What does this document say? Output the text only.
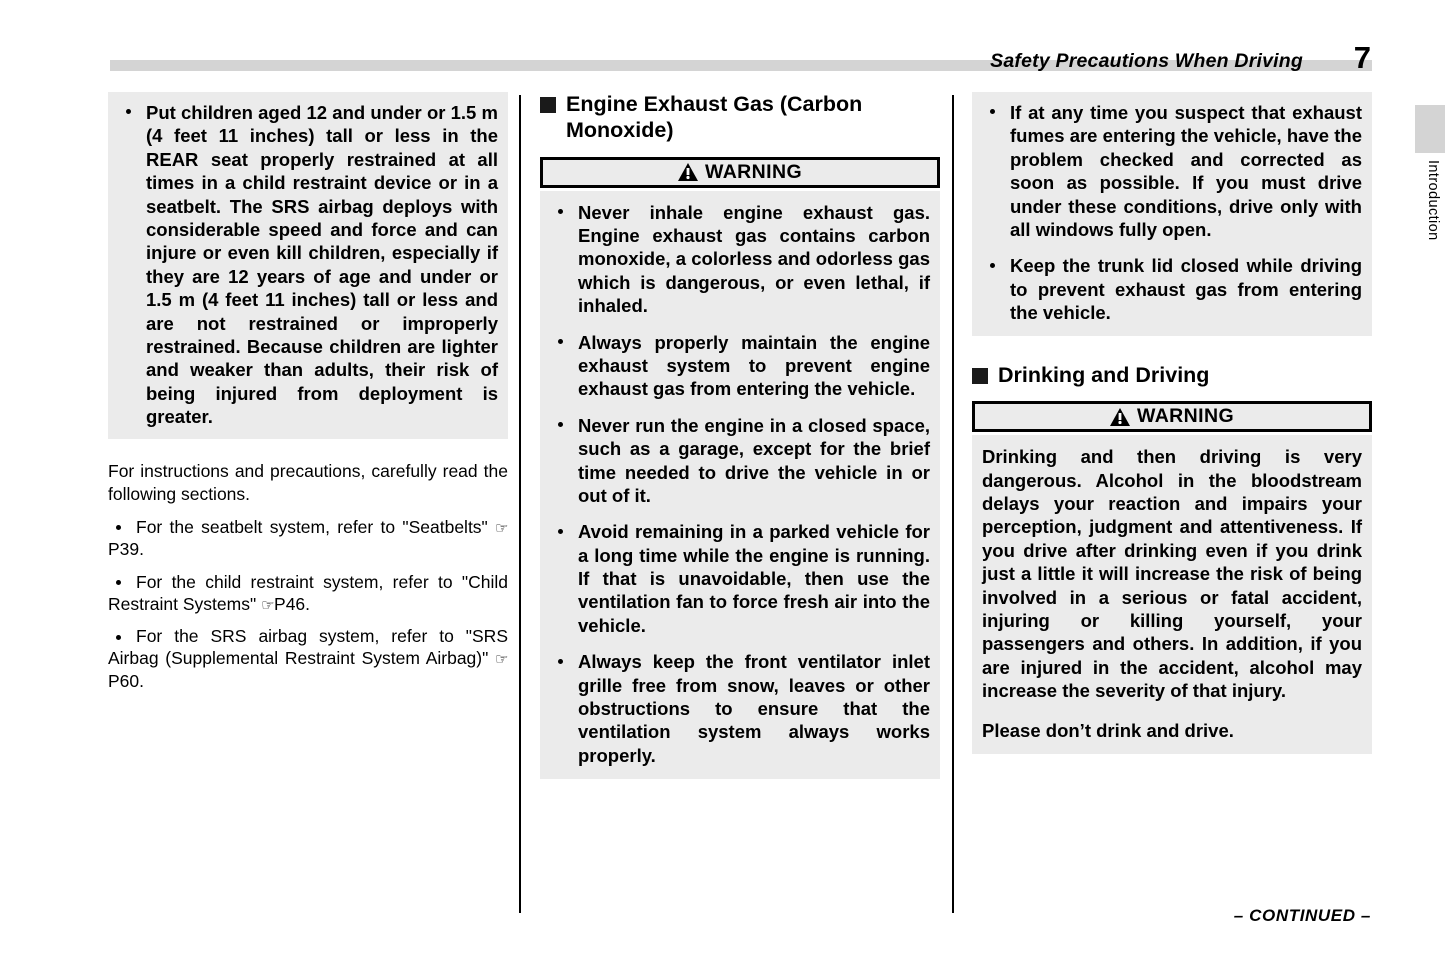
Safety Precautions When Driving 7
Introduction
Put children aged 12 and under or 1.5 m (4 feet 11 inches) tall or less in the REAR seat properly restrained at all times in a child restraint device or in a seatbelt. The SRS airbag deploys with considerable speed and force and can injure or even kill children, especially if they are 12 years of age and under or 1.5 m (4 feet 11 inches) tall or less and are not restrained or improperly restrained. Because children are lighter and weaker than adults, their risk of being injured from deployment is greater.
For instructions and precautions, carefully read the following sections.
For the seatbelt system, refer to "Seatbelts" ☞P39.
For the child restraint system, refer to "Child Restraint Systems" ☞P46.
For the SRS airbag system, refer to "SRS Airbag (Supplemental Restraint System Airbag)" ☞P60.
Engine Exhaust Gas (Carbon Monoxide)
WARNING
Never inhale engine exhaust gas. Engine exhaust gas contains carbon monoxide, a colorless and odorless gas which is dangerous, or even lethal, if inhaled.
Always properly maintain the engine exhaust system to prevent engine exhaust gas from entering the vehicle.
Never run the engine in a closed space, such as a garage, except for the brief time needed to drive the vehicle in or out of it.
Avoid remaining in a parked vehicle for a long time while the engine is running. If that is unavoidable, then use the ventilation fan to force fresh air into the vehicle.
Always keep the front ventilator inlet grille free from snow, leaves or other obstructions to ensure that the ventilation system always works properly.
If at any time you suspect that exhaust fumes are entering the vehicle, have the problem checked and corrected as soon as possible. If you must drive under these conditions, drive only with all windows fully open.
Keep the trunk lid closed while driving to prevent exhaust gas from entering the vehicle.
Drinking and Driving
WARNING
Drinking and then driving is very dangerous. Alcohol in the bloodstream delays your reaction and impairs your perception, judgment and attentiveness. If you drive after drinking even if you drink just a little it will increase the risk of being involved in a serious or fatal accident, injuring or killing yourself, your passengers and others. In addition, if you are injured in the accident, alcohol may increase the severity of that injury.
Please don’t drink and drive.
– CONTINUED –
